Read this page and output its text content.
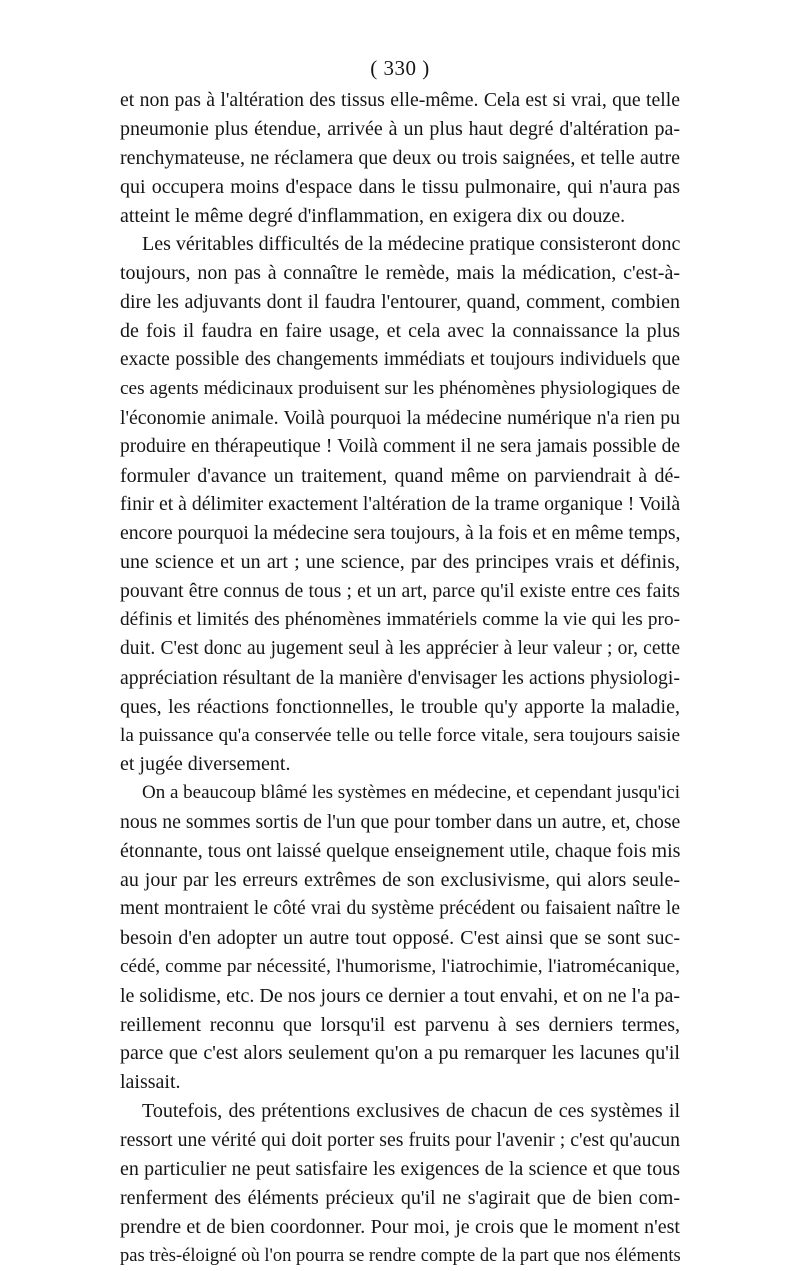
( 330 )
et non pas à l'altération des tissus elle-même. Cela est si vrai, que telle
pneumonie plus étendue, arrivée à un plus haut degré d'altération pa-
renchymateuse, ne réclamera que deux ou trois saignées, et telle autre
qui occupera moins d'espace dans le tissu pulmonaire, qui n'aura pas
atteint le même degré d'inflammation, en exigera dix ou douze.
Les véritables difficultés de la médecine pratique consisteront donc
toujours, non pas à connaître le remède, mais la médication, c'est-à-
dire les adjuvants dont il faudra l'entourer, quand, comment, combien
de fois il faudra en faire usage, et cela avec la connaissance la plus
exacte possible des changements immédiats et toujours individuels que
ces agents médicinaux produisent sur les phénomènes physiologiques de
l'économie animale. Voilà pourquoi la médecine numérique n'a rien pu
produire en thérapeutique ! Voilà comment il ne sera jamais possible de
formuler d'avance un traitement, quand même on parviendrait à dé-
finir et à délimiter exactement l'altération de la trame organique ! Voilà
encore pourquoi la médecine sera toujours, à la fois et en même temps,
une science et un art ; une science, par des principes vrais et définis,
pouvant être connus de tous ; et un art, parce qu'il existe entre ces faits
définis et limités des phénomènes immatériels comme la vie qui les pro-
duit. C'est donc au jugement seul à les apprécier à leur valeur ; or, cette
appréciation résultant de la manière d'envisager les actions physiologi-
ques, les réactions fonctionnelles, le trouble qu'y apporte la maladie,
la puissance qu'a conservée telle ou telle force vitale, sera toujours saisie
et jugée diversement.
On a beaucoup blâmé les systèmes en médecine, et cependant jusqu'ici
nous ne sommes sortis de l'un que pour tomber dans un autre, et, chose
étonnante, tous ont laissé quelque enseignement utile, chaque fois mis
au jour par les erreurs extrêmes de son exclusivisme, qui alors seule-
ment montraient le côté vrai du système précédent ou faisaient naître le
besoin d'en adopter un autre tout opposé. C'est ainsi que se sont suc-
cédé, comme par nécessité, l'humorisme, l'iatrochimie, l'iatromécanique,
le solidisme, etc. De nos jours ce dernier a tout envahi, et on ne l'a pa-
reillement reconnu que lorsqu'il est parvenu à ses derniers termes,
parce que c'est alors seulement qu'on a pu remarquer les lacunes qu'il
laissait.
Toutefois, des prétentions exclusives de chacun de ces systèmes il
ressort une vérité qui doit porter ses fruits pour l'avenir ; c'est qu'aucun
en particulier ne peut satisfaire les exigences de la science et que tous
renferment des éléments précieux qu'il ne s'agirait que de bien com-
prendre et de bien coordonner. Pour moi, je crois que le moment n'est
pas très-éloigné où l'on pourra se rendre compte de la part que nos éléments
